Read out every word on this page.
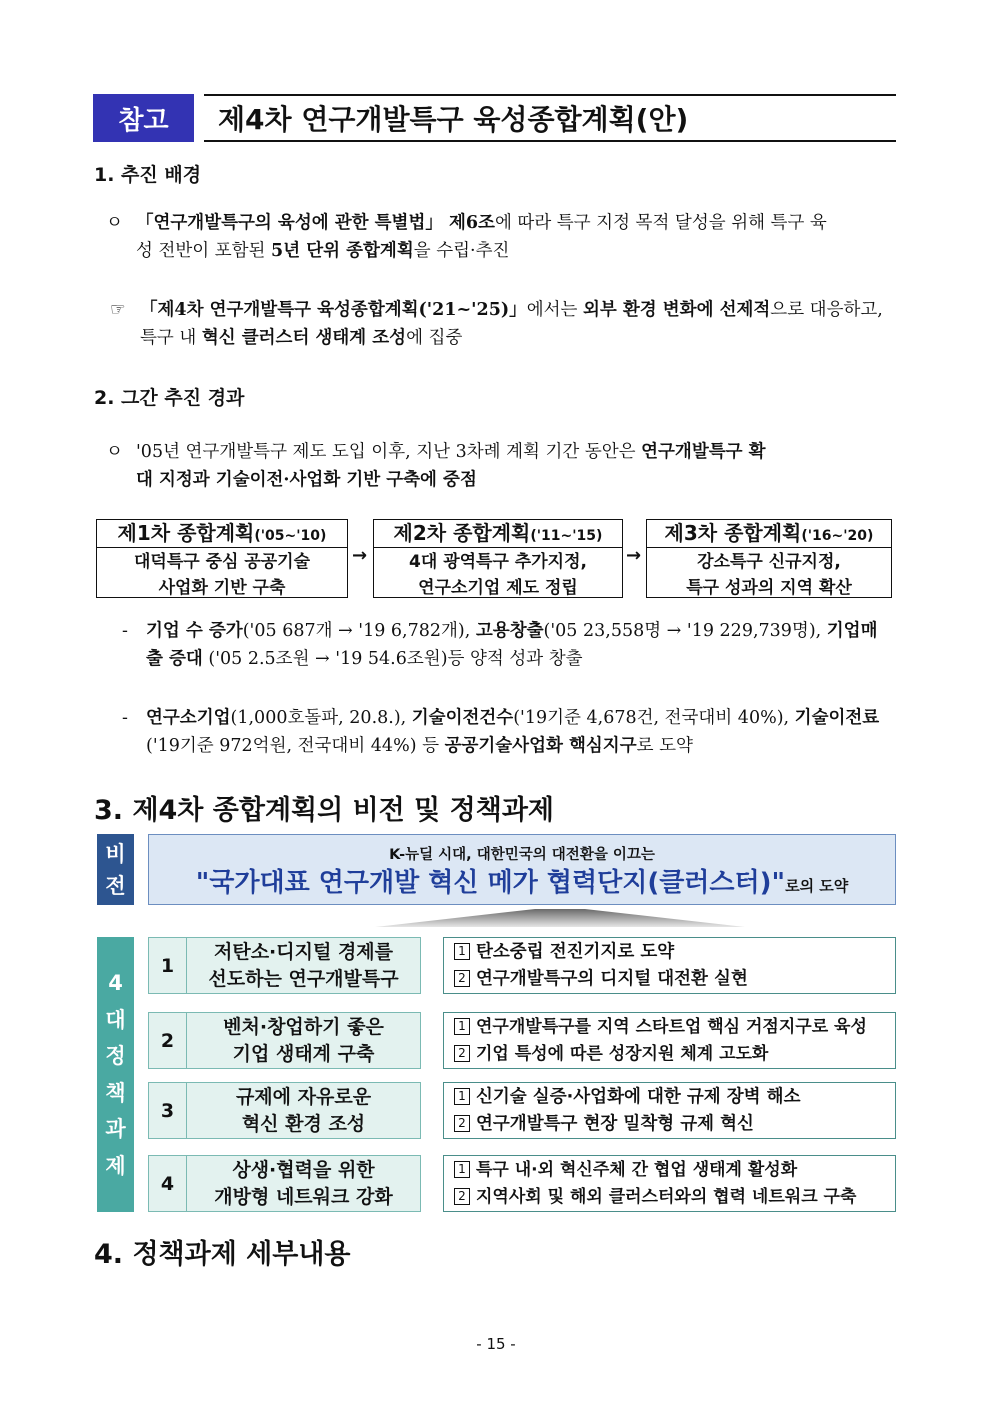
참고	제4차 연구개발특구 육성종합계획(안)
1. 추진 배경
ㅇ 「연구개발특구의 육성에 관한 특별법」 제6조에 따라 특구 지정 목적 달성을 위해 특구 육
성 전반이 포함된 5년 단위 종합계획을 수립·추진
☞ 「제4차 연구개발특구 육성종합계획('21~'25)」에서는 외부 환경 변화에 선제적으로 대응하고,
특구 내 혁신 클러스터 생태계 조성에 집중
2. 그간 추진 경과
ㅇ '05년 연구개발특구 제도 도입 이후, 지난 3차례 계획 기간 동안은 연구개발특구 확
대 지정과 기술이전·사업화 기반 구축에 중점
제1차 종합계획('05~'10)
대덕특구 중심 공공기술
사업화 기반 구축
→
제2차 종합계획('11~'15)
4대 광역특구 추가지정,
연구소기업 제도 정립
→
제3차 종합계획('16~'20)
강소특구 신규지정,
특구 성과의 지역 확산
- 기업 수 증가('05 687개 → '19 6,782개), 고용창출('05 23,558명 → '19 229,739명), 기업매
출 증대 ('05 2.5조원 → '19 54.6조원)등 양적 성과 창출
- 연구소기업(1,000호돌파, 20.8.), 기술이전건수('19기준 4,678건, 전국대비 40%), 기술이전료
('19기준 972억원, 전국대비 44%) 등 공공기술사업화 핵심지구로 도약
3. 제4차 종합계획의 비전 및 정책과제
비
전
K-뉴딜 시대, 대한민국의 대전환을 이끄는
"국가대표 연구개발 혁신 메가 협력단지(클러스터)"로의 도약
4
대
정
책
과
제
1
저탄소·디지털 경제를
선도하는 연구개발특구
1 탄소중립 전진기지로 도약
2 연구개발특구의 디지털 대전환 실현
2
벤처·창업하기 좋은
기업 생태계 구축
1 연구개발특구를 지역 스타트업 핵심 거점지구로 육성
2 기업 특성에 따른 성장지원 체계 고도화
3
규제에 자유로운
혁신 환경 조성
1 신기술 실증·사업화에 대한 규제 장벽 해소
2 연구개발특구 현장 밀착형 규제 혁신
4
상생·협력을 위한
개방형 네트워크 강화
1 특구 내·외 혁신주체 간 협업 생태계 활성화
2 지역사회 및 해외 클러스터와의 협력 네트워크 구축
4. 정책과제 세부내용
- 15 -
